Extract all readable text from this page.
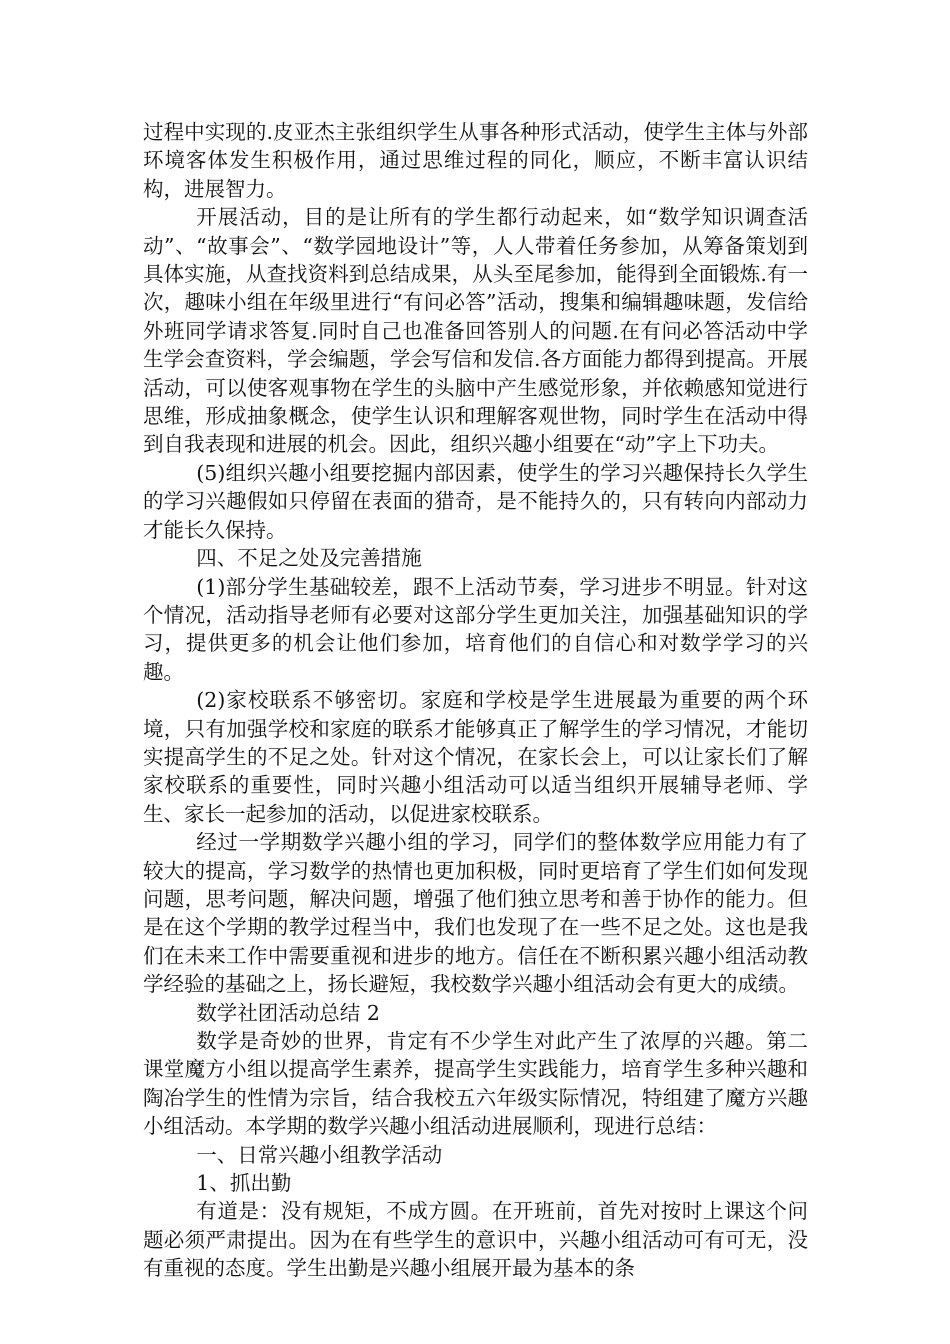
过程中实现的.皮亚杰主张组织学生从事各种形式活动，使学生主体与外部环境客体发生积极作用，通过思维过程的同化，顺应，不断丰富认识结构，进展智力。

开展活动，目的是让所有的学生都行动起来，如“数学知识调查活动”、“故事会”、“数学园地设计”等，人人带着任务参加，从筹备策划到具体实施，从查找资料到总结成果，从头至尾参加，能得到全面锻炼.有一次，趣味小组在年级里进行“有问必答”活动，搜集和编辑趣味题，发信给外班同学请求答复.同时自己也准备回答别人的问题.在有问必答活动中学生学会查资料，学会编题，学会写信和发信.各方面能力都得到提高。开展活动，可以使客观事物在学生的头脑中产生感觉形象，并依赖感知觉进行思维，形成抽象概念，使学生认识和理解客观世物，同时学生在活动中得到自我表现和进展的机会。因此，组织兴趣小组要在“动”字上下功夫。

(5)组织兴趣小组要挖掘内部因素，使学生的学习兴趣保持长久学生的学习兴趣假如只停留在表面的猎奇，是不能持久的，只有转向内部动力才能长久保持。

四、不足之处及完善措施

(1)部分学生基础较差，跟不上活动节奏，学习进步不明显。针对这个情况，活动指导老师有必要对这部分学生更加关注，加强基础知识的学习，提供更多的机会让他们参加，培育他们的自信心和对数学学习的兴趣。

(2)家校联系不够密切。家庭和学校是学生进展最为重要的两个环境，只有加强学校和家庭的联系才能够真正了解学生的学习情况，才能切实提高学生的不足之处。针对这个情况，在家长会上，可以让家长们了解家校联系的重要性，同时兴趣小组活动可以适当组织开展辅导老师、学生、家长一起参加的活动，以促进家校联系。

经过一学期数学兴趣小组的学习，同学们的整体数学应用能力有了较大的提高，学习数学的热情也更加积极，同时更培育了学生们如何发现问题，思考问题，解决问题，增强了他们独立思考和善于协作的能力。但是在这个学期的教学过程当中，我们也发现了在一些不足之处。这也是我们在未来工作中需要重视和进步的地方。信任在不断积累兴趣小组活动教学经验的基础之上，扬长避短，我校数学兴趣小组活动会有更大的成绩。

数学社团活动总结 2

数学是奇妙的世界，肯定有不少学生对此产生了浓厚的兴趣。第二课堂魔方小组以提高学生素养，提高学生实践能力，培育学生多种兴趣和陶冶学生的性情为宗旨，结合我校五六年级实际情况，特组建了魔方兴趣小组活动。本学期的数学兴趣小组活动进展顺利，现进行总结：

一、日常兴趣小组教学活动

1、抓出勤

有道是：没有规矩，不成方圆。在开班前，首先对按时上课这个问题必须严肃提出。因为在有些学生的意识中，兴趣小组活动可有可无，没有重视的态度。学生出勤是兴趣小组展开最为基本的条
